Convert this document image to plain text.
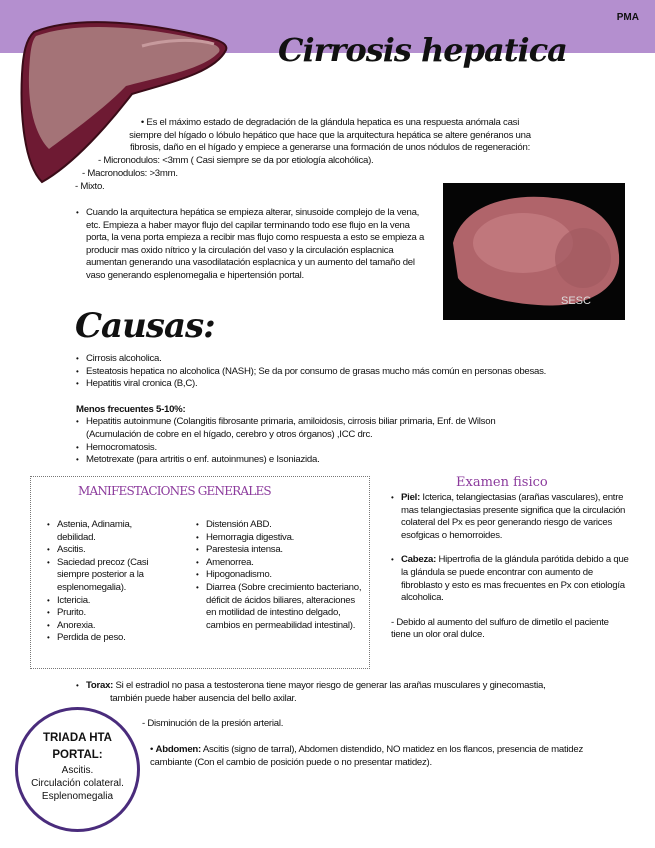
PMA
Cirrosis hepatica
• Es el máximo estado de degradación de la glándula hepatica es una respuesta anómala casi
siempre del hígado o lóbulo hepático que hace que la arquitectura hepática se altere genéranos una
fibrosis, daño en el hígado y empiece a generarse una formación de unos nódulos de regeneración:
- Micronodulos: <3mm ( Casi siempre se da por etiología alcohólica).
- Macronodulos: >3mm.
- Mixto.
• Cuando la arquitectura hepática se empieza alterar, sinusoide complejo de la vena, etc. Empieza a haber mayor flujo del capilar terminando todo ese flujo en la vena porta, la vena porta empieza a recibir mas flujo como respuesta a esto se empieza a producir mas oxido nítrico y la circulación del vaso y la circulación esplacnica aumentan generando una vasodilatación esplacnica y un aumento del tamaño del vaso generando esplenomegalia e hipertensión portal.
SESC
Causas:
• Cirrosis alcoholica.
• Esteatosis hepatica no alcoholica (NASH); Se da por consumo de grasas mucho más común en personas obesas.
• Hepatitis viral cronica (B,C).
Menos frecuentes 5-10%:
• Hepatitis autoinmune (Colangitis fibrosante primaria, amiloidosis, cirrosis biliar primaria, Enf. de Wilson (Acumulación de cobre en el hígado, cerebro y otros órganos) ,ICC drc.
• Hemocromatosis.
• Metotrexate (para artritis o enf. autoinmunes) e Isoniazida.
MANIFESTACIONES GENERALES
• Astenia, Adinamia, debilidad.
• Ascitis.
• Saciedad precoz (Casi siempre posterior a la esplenomegalia).
• Ictericia.
• Prurito.
• Anorexia.
• Perdida de peso.
• Distensión ABD.
• Hemorragia digestiva.
• Parestesia intensa.
• Amenorrea.
• Hipogonadismo.
• Diarrea (Sobre crecimiento bacteriano, déficit de ácidos biliares, alteraciones en motilidad de intestino delgado, cambios en permeabilidad intestinal).
Examen fisico
• Piel: Icterica, telangiectasias (arañas vasculares), entre mas telangiectasias presente significa que la circulación colateral del Px es peor generando riesgo de varices esofgicas o hemorroides.
• Cabeza: Hipertrofia de la glándula parótida debido a que la glándula se puede encontrar con aumento de fibroblasto y esto es mas frecuentes en Px con etiología alcoholica.
- Debido al aumento del sulfuro de dimetilo el paciente tiene un olor oral dulce.
• Torax: Si el estradiol no pasa a testosterona tiene mayor riesgo de generar las arañas musculares y ginecomastia,
también puede haber ausencia del bello axilar.
- Disminución de la presión arterial.
• Abdomen: Ascitis (signo de tarral), Abdomen distendido, NO matidez en los flancos, presencia de matidez cambiante (Con el cambio de posición puede o no presentar matidez).
TRIADA HTA
PORTAL:
Ascitis.
Circulación colateral.
Esplenomegalia
